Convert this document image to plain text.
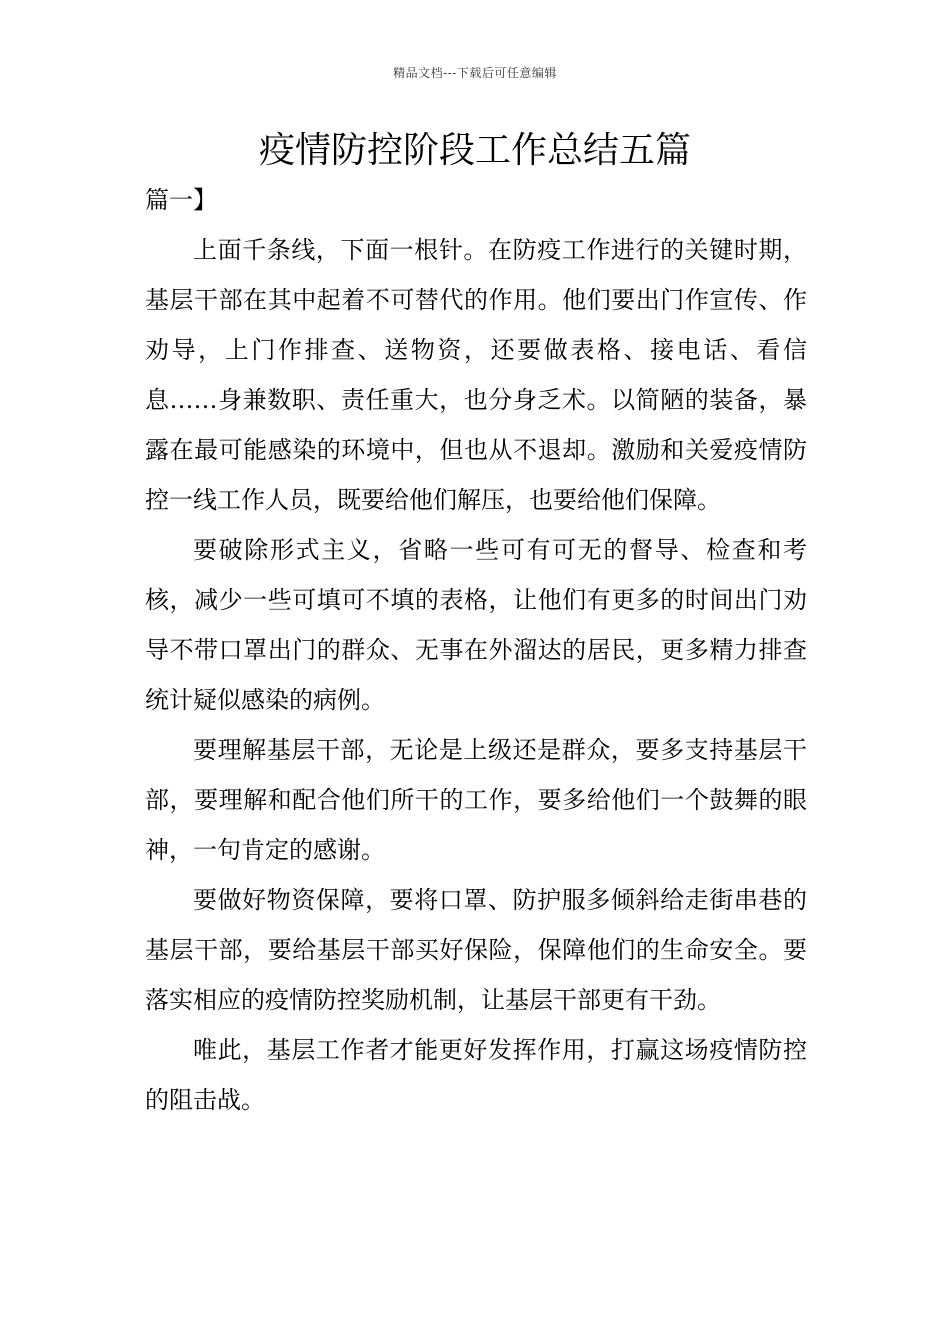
精品文档---下载后可任意编辑
疫情防控阶段工作总结五篇
篇一】

上面千条线，下面一根针。在防疫工作进行的关键时期，基层干部在其中起着不可替代的作用。他们要出门作宣传、作劝导，上门作排查、送物资，还要做表格、接电话、看信息……身兼数职、责任重大，也分身乏术。以简陋的装备，暴露在最可能感染的环境中，但也从不退却。激励和关爱疫情防控一线工作人员，既要给他们解压，也要给他们保障。

要破除形式主义，省略一些可有可无的督导、检查和考核，减少一些可填可不填的表格，让他们有更多的时间出门劝导不带口罩出门的群众、无事在外溜达的居民，更多精力排查统计疑似感染的病例。

要理解基层干部，无论是上级还是群众，要多支持基层干部，要理解和配合他们所干的工作，要多给他们一个鼓舞的眼神，一句肯定的感谢。

要做好物资保障，要将口罩、防护服多倾斜给走街串巷的基层干部，要给基层干部买好保险，保障他们的生命安全。要落实相应的疫情防控奖励机制，让基层干部更有干劲。

唯此，基层工作者才能更好发挥作用，打赢这场疫情防控的阻击战。
